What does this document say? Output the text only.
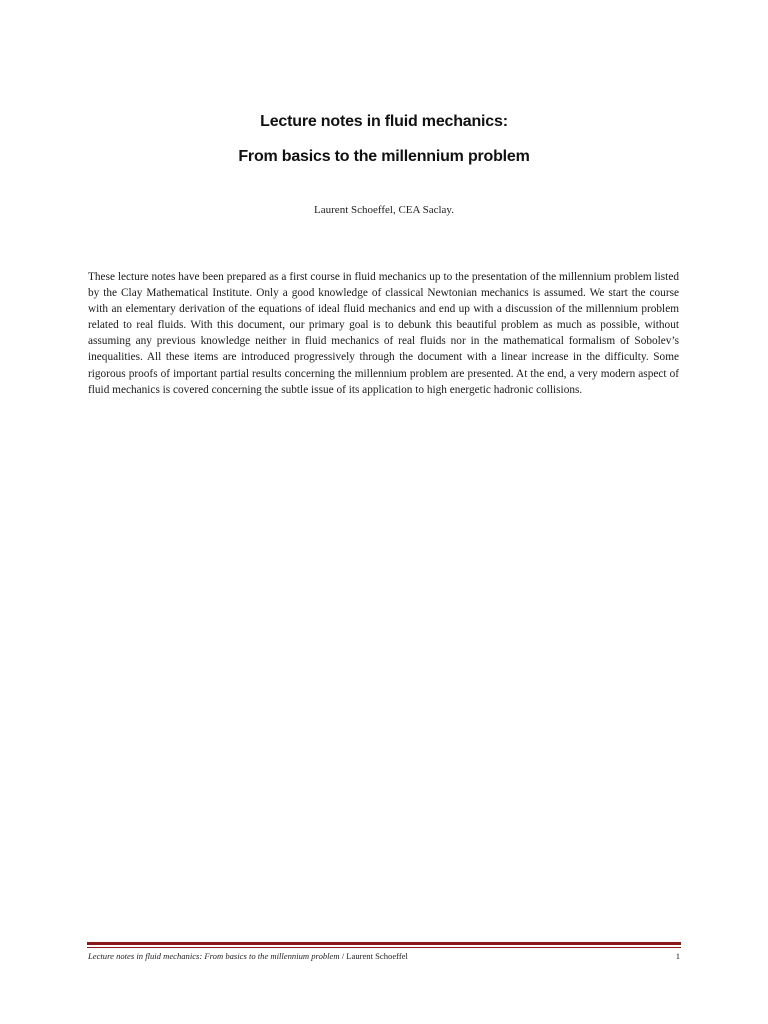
Lecture notes in fluid mechanics:
From basics to the millennium problem
Laurent Schoeffel, CEA Saclay.

These lecture notes have been prepared as a first course in fluid mechanics up to the presentation of the millennium problem listed by the Clay Mathematical Institute. Only a good knowledge of classical Newtonian mechanics is assumed. We start the course with an elementary derivation of the equations of ideal fluid mechanics and end up with a discussion of the millennium problem related to real fluids. With this document, our primary goal is to debunk this beautiful problem as much as possible, without assuming any previous knowledge neither in fluid mechanics of real fluids nor in the mathematical formalism of Sobolev’s inequalities. All these items are introduced progressively through the document with a linear increase in the difficulty. Some rigorous proofs of important partial results concerning the millennium problem are presented. At the end, a very modern aspect of fluid mechanics is covered concerning the subtle issue of its application to high energetic hadronic collisions.

Lecture notes in fluid mechanics: From basics to the millennium problem / Laurent Schoeffel	1
